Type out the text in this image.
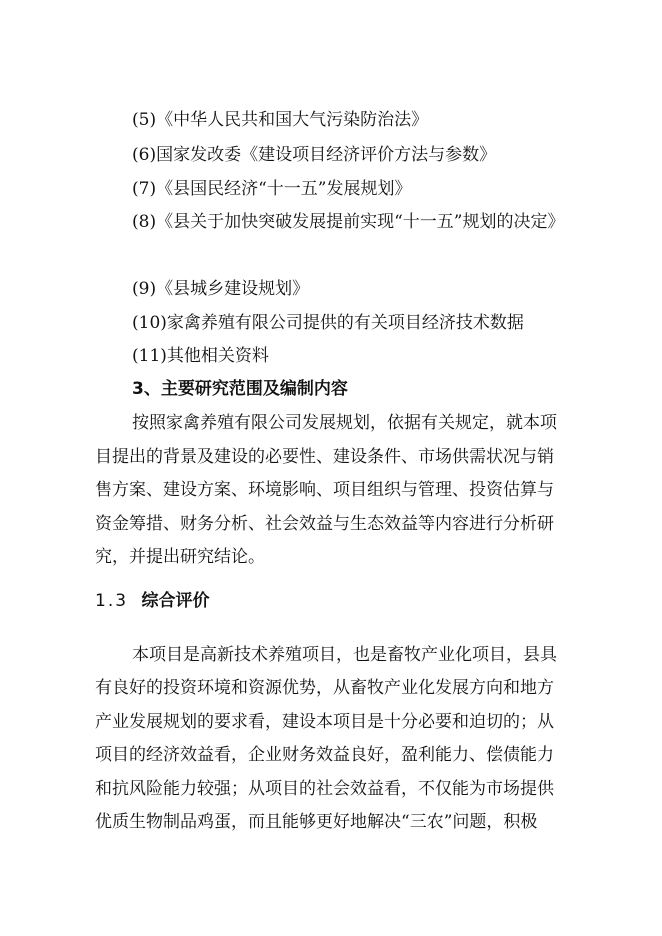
(5)《中华人民共和国大气污染防治法》
(6)国家发改委《建设项目经济评价方法与参数》
(7)《县国民经济“十一五”发展规划》
(8)《县关于加快突破发展提前实现“十一五”规划的决定》
(9)《县城乡建设规划》
(10)家禽养殖有限公司提供的有关项目经济技术数据
(11)其他相关资料
3、主要研究范围及编制内容
按照家禽养殖有限公司发展规划，依据有关规定，就本项
目提出的背景及建设的必要性、建设条件、市场供需状况与销
售方案、建设方案、环境影响、项目组织与管理、投资估算与
资金筹措、财务分析、社会效益与生态效益等内容进行分析研
究，并提出研究结论。
1.3 综合评价
本项目是高新技术养殖项目，也是畜牧产业化项目，县具
有良好的投资环境和资源优势，从畜牧产业化发展方向和地方
产业发展规划的要求看，建设本项目是十分必要和迫切的；从
项目的经济效益看，企业财务效益良好，盈利能力、偿债能力
和抗风险能力较强；从项目的社会效益看，不仅能为市场提供
优质生物制品鸡蛋，而且能够更好地解决“三农”问题，积极
